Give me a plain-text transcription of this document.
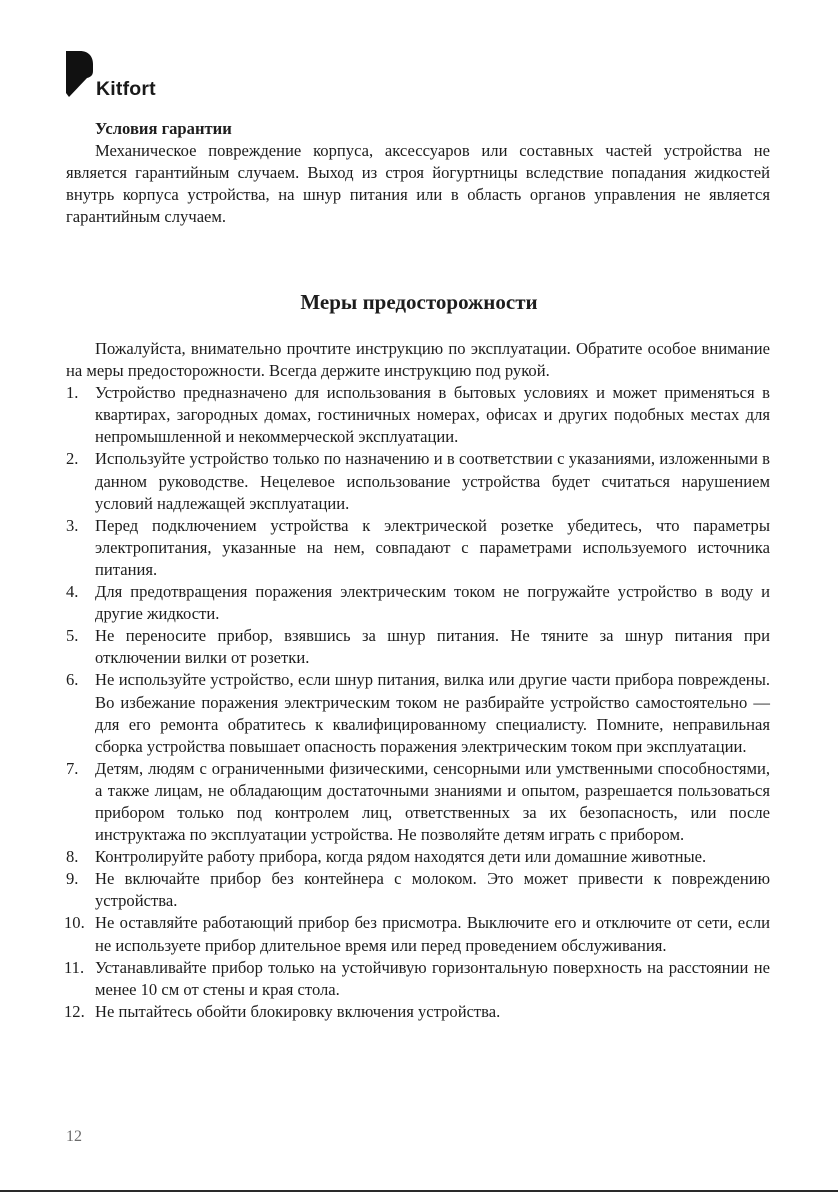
Kitfort

Условия гарантии

Механическое повреждение корпуса, аксессуаров или составных частей устройства не является гарантийным случаем. Выход из строя йогуртницы вследствие попадания жидкостей внутрь корпуса устройства, на шнур питания или в область органов управления не является гарантийным случаем.

Меры предосторожности

Пожалуйста, внимательно прочтите инструкцию по эксплуатации. Обратите особое внимание на меры предосторожности. Всегда держите инструкцию под рукой.

1. Устройство предназначено для использования в бытовых условиях и может применяться в квартирах, загородных домах, гостиничных номерах, офисах и других подобных местах для непромышленной и некоммерческой эксплуатации.
2. Используйте устройство только по назначению и в соответствии с указаниями, изложенными в данном руководстве. Нецелевое использование устройства будет считаться нарушением условий надлежащей эксплуатации.
3. Перед подключением устройства к электрической розетке убедитесь, что параметры электропитания, указанные на нем, совпадают с параметрами используемого источника питания.
4. Для предотвращения поражения электрическим током не погружайте устройство в воду и другие жидкости.
5. Не переносите прибор, взявшись за шнур питания. Не тяните за шнур питания при отключении вилки от розетки.
6. Не используйте устройство, если шнур питания, вилка или другие части прибора повреждены. Во избежание поражения электрическим током не разбирайте устройство самостоятельно — для его ремонта обратитесь к квалифицированному специалисту. Помните, неправильная сборка устройства повышает опасность поражения электрическим током при эксплуатации.
7. Детям, людям с ограниченными физическими, сенсорными или умственными способностями, а также лицам, не обладающим достаточными знаниями и опытом, разрешается пользоваться прибором только под контролем лиц, ответственных за их безопасность, или после инструктажа по эксплуатации устройства. Не позволяйте детям играть с прибором.
8. Контролируйте работу прибора, когда рядом находятся дети или домашние животные.
9. Не включайте прибор без контейнера с молоком. Это может привести к повреждению устройства.
10. Не оставляйте работающий прибор без присмотра. Выключите его и отключите от сети, если не используете прибор длительное время или перед проведением обслуживания.
11. Устанавливайте прибор только на устойчивую горизонтальную поверхность на расстоянии не менее 10 см от стены и края стола.
12. Не пытайтесь обойти блокировку включения устройства.
12
